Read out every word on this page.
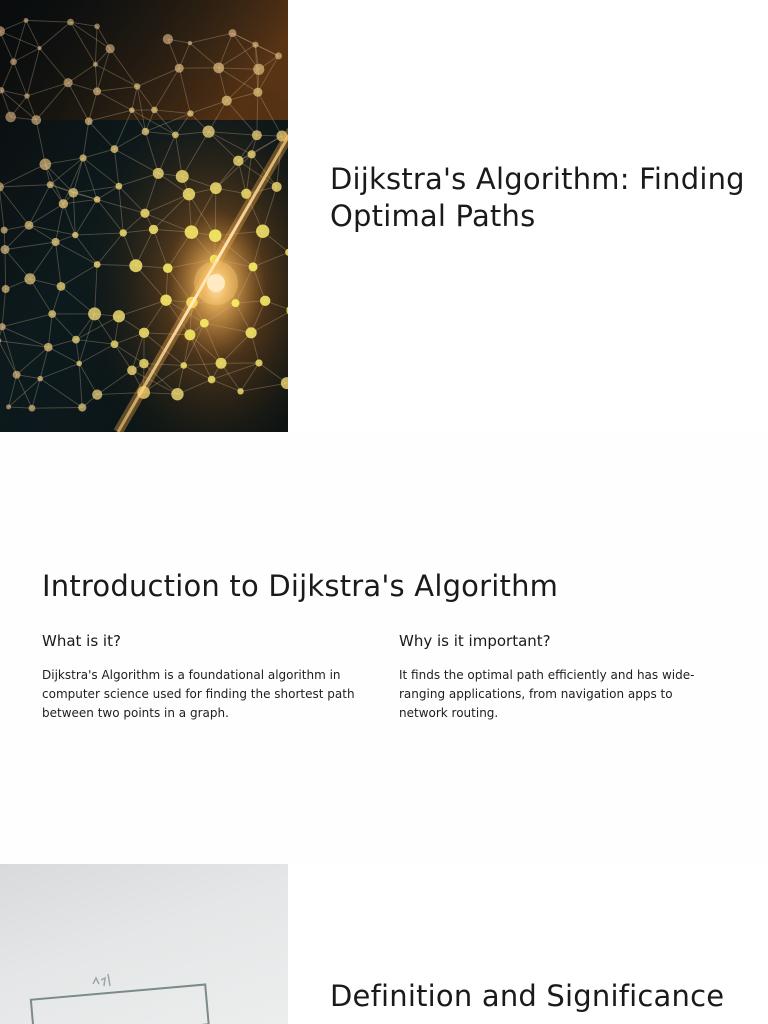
Dijkstra's Algorithm: Finding Optimal Paths
Introduction to Dijkstra's Algorithm
What is it?

Dijkstra's Algorithm is a foundational algorithm in computer science used for finding the shortest path between two points in a graph.

Why is it important?

It finds the optimal path efficiently and has wide-ranging applications, from navigation apps to network routing.

Definition and Significance
